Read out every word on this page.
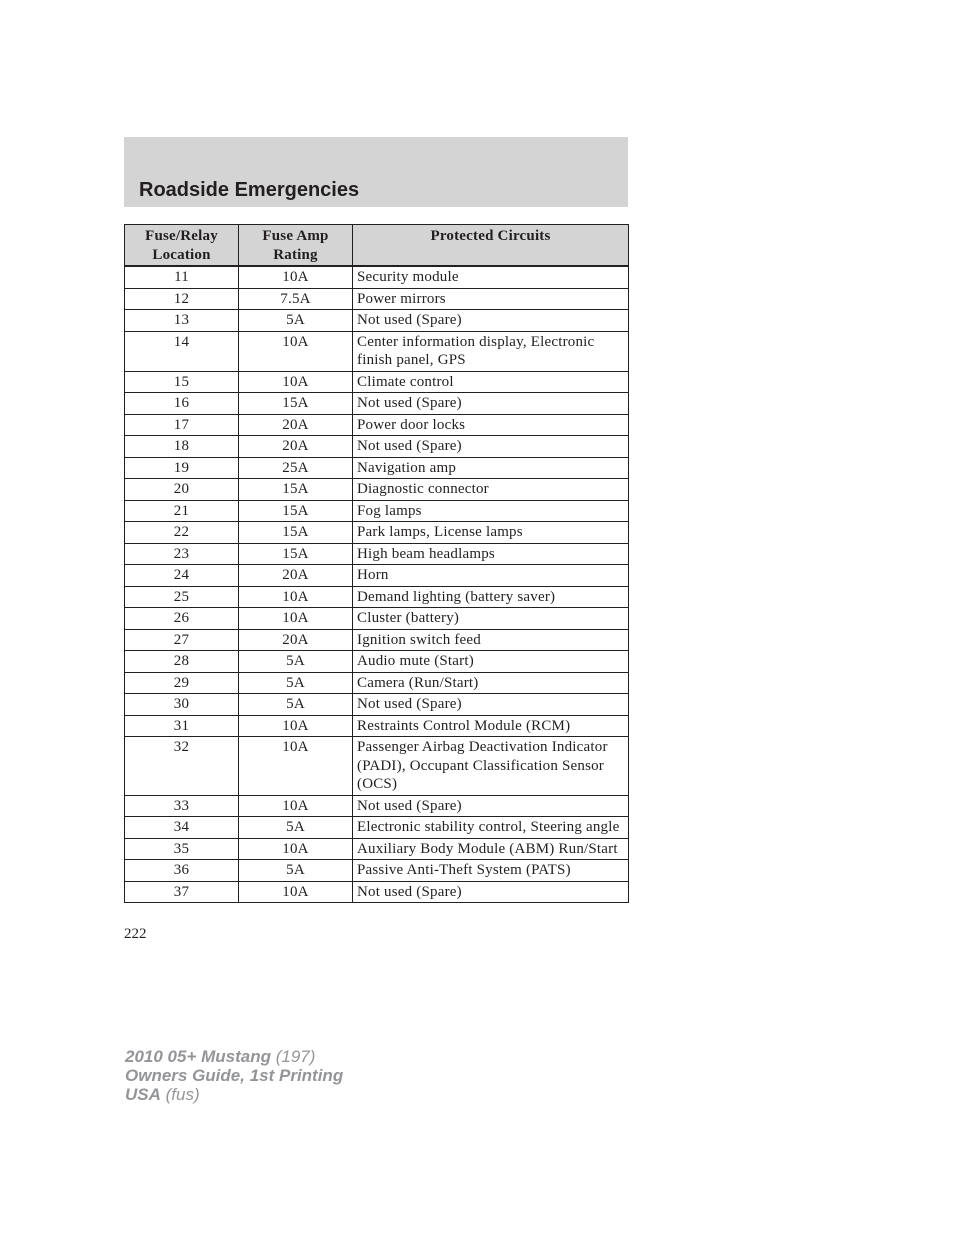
Roadside Emergencies
Fuse/Relay Location	Fuse Amp Rating	Protected Circuits
11	10A	Security module
12	7.5A	Power mirrors
13	5A	Not used (Spare)
14	10A	Center information display, Electronic finish panel, GPS
15	10A	Climate control
16	15A	Not used (Spare)
17	20A	Power door locks
18	20A	Not used (Spare)
19	25A	Navigation amp
20	15A	Diagnostic connector
21	15A	Fog lamps
22	15A	Park lamps, License lamps
23	15A	High beam headlamps
24	20A	Horn
25	10A	Demand lighting (battery saver)
26	10A	Cluster (battery)
27	20A	Ignition switch feed
28	5A	Audio mute (Start)
29	5A	Camera (Run/Start)
30	5A	Not used (Spare)
31	10A	Restraints Control Module (RCM)
32	10A	Passenger Airbag Deactivation Indicator (PADI), Occupant Classification Sensor (OCS)
33	10A	Not used (Spare)
34	5A	Electronic stability control, Steering angle
35	10A	Auxiliary Body Module (ABM) Run/Start
36	5A	Passive Anti-Theft System (PATS)
37	10A	Not used (Spare)
222
2010 05+ Mustang (197)
Owners Guide, 1st Printing
USA (fus)
